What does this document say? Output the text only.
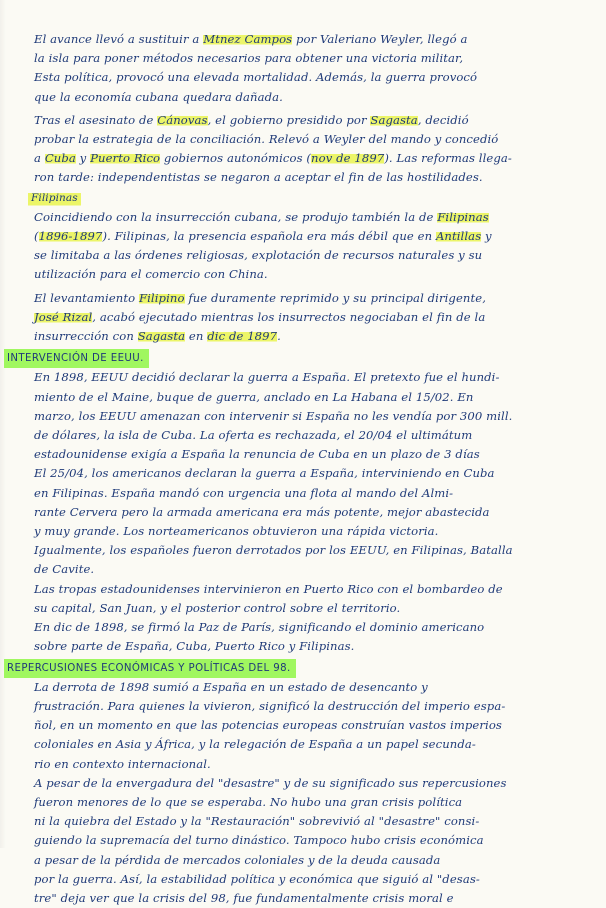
El avance llevó a sustituir a Mtnez Campos por Valeriano Weyler, llegó a
la isla para poner métodos necesarios para obtener una victoria militar,
Esta política, provocó una elevada mortalidad. Además, la guerra provocó
que la economía cubana quedara dañada.
Tras el asesinato de Cánovas, el gobierno presidido por Sagasta, decidió
probar la estrategia de la conciliación. Relevó a Weyler del mando y concedió
a Cuba y Puerto Rico gobiernos autonómicos (nov de 1897). Las reformas llega-
ron tarde: independentistas se negaron a aceptar el fin de las hostilidades.
Filipinas
Coincidiendo con la insurrección cubana, se produjo también la de Filipinas
(1896-1897). Filipinas, la presencia española era más débil que en Antillas y
se limitaba a las órdenes religiosas, explotación de recursos naturales y su
utilización para el comercio con China.
El levantamiento Filipino fue duramente reprimido y su principal dirigente,
José Rizal, acabó ejecutado mientras los insurrectos negociaban el fin de la
insurrección con Sagasta en dic de 1897.
INTERVENCIÓN DE EEUU.
En 1898, EEUU decidió declarar la guerra a España. El pretexto fue el hundi-
miento de el Maine, buque de guerra, anclado en La Habana el 15/02. En
marzo, los EEUU amenazan con intervenir si España no les vendía por 300 mill.
de dólares, la isla de Cuba. La oferta es rechazada, el 20/04 el ultimátum
estadounidense exigía a España la renuncia de Cuba en un plazo de 3 días
El 25/04, los americanos declaran la guerra a España, interviniendo en Cuba
en Filipinas. España mandó con urgencia una flota al mando del Almi-
rante Cervera pero la armada americana era más potente, mejor abastecida
y muy grande. Los norteamericanos obtuvieron una rápida victoria.
Igualmente, los españoles fueron derrotados por los EEUU, en Filipinas, Batalla
de Cavite.
Las tropas estadounidenses intervinieron en Puerto Rico con el bombardeo de
su capital, San Juan, y el posterior control sobre el territorio.
En dic de 1898, se firmó la Paz de París, significando el dominio americano
sobre parte de España, Cuba, Puerto Rico y Filipinas.
REPERCUSIONES ECONÓMICAS Y POLÍTICAS DEL 98.
La derrota de 1898 sumió a España en un estado de desencanto y
frustración. Para quienes la vivieron, significó la destrucción del imperio espa-
ñol, en un momento en que las potencias europeas construían vastos imperios
coloniales en Asia y África, y la relegación de España a un papel secunda-
rio en contexto internacional.
A pesar de la envergadura del "desastre" y de su significado sus repercusiones
fueron menores de lo que se esperaba. No hubo una gran crisis política
ni la quiebra del Estado y la "Restauración" sobrevivió al "desastre" consi-
guiendo la supremacía del turno dinástico. Tampoco hubo crisis económica
a pesar de la pérdida de mercados coloniales y de la deuda causada
por la guerra. Así, la estabilidad política y económica que siguió al "desas-
tre" deja ver que la crisis del 98, fue fundamentalmente crisis moral e
